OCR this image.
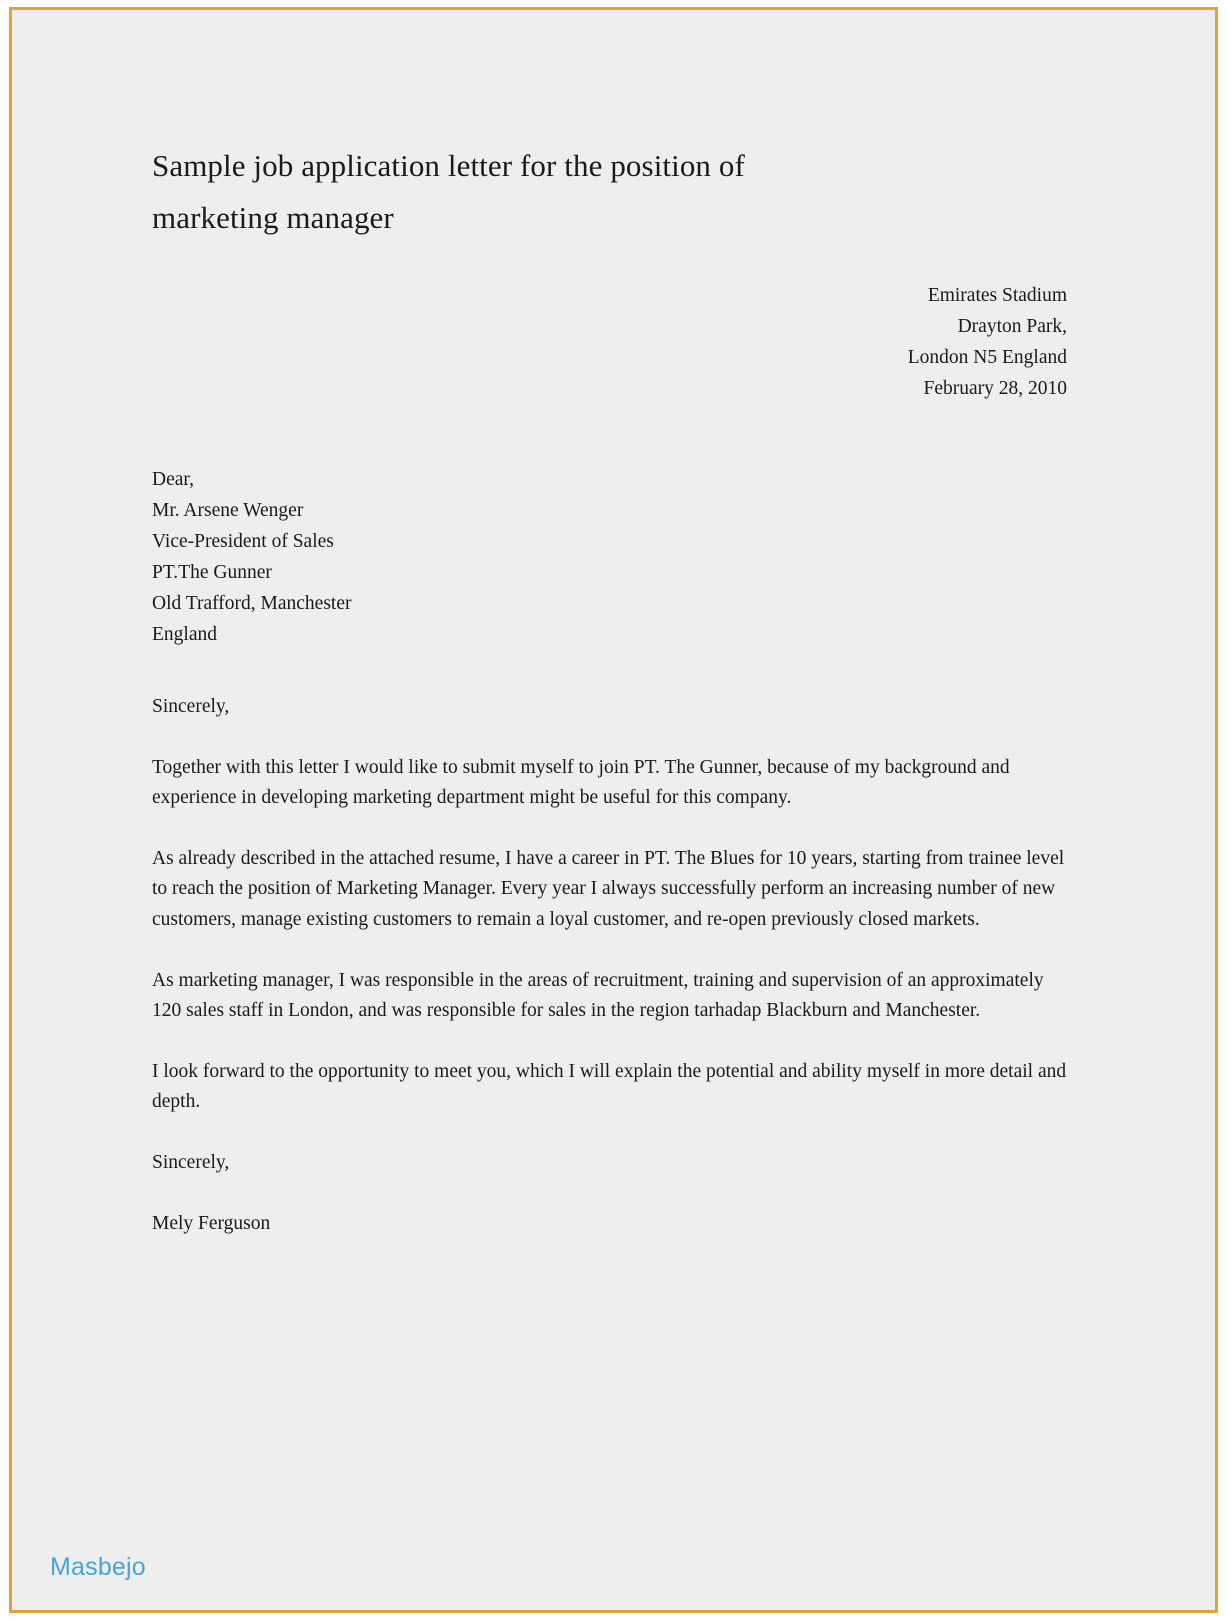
Sample job application letter for the position of
marketing manager
Emirates Stadium
Drayton Park,
London N5 England
February 28, 2010
Dear,
Mr. Arsene Wenger
Vice-President of Sales
PT.The Gunner
Old Trafford, Manchester
England

Sincerely,

Together with this letter I would like to submit myself to join PT. The Gunner, because of my background and experience in developing marketing department might be useful for this company.

As already described in the attached resume, I have a career in PT. The Blues for 10 years, starting from trainee level to reach the position of Marketing Manager. Every year I always successfully perform an increasing number of new customers, manage existing customers to remain a loyal customer, and re-open previously closed markets.

As marketing manager, I was responsible in the areas of recruitment, training and supervision of an approximately 120 sales staff in London, and was responsible for sales in the region tarhadap Blackburn and Manchester.

I look forward to the opportunity to meet you, which I will explain the potential and ability myself in more detail and depth.

Sincerely,

Mely Ferguson

Masbejo
